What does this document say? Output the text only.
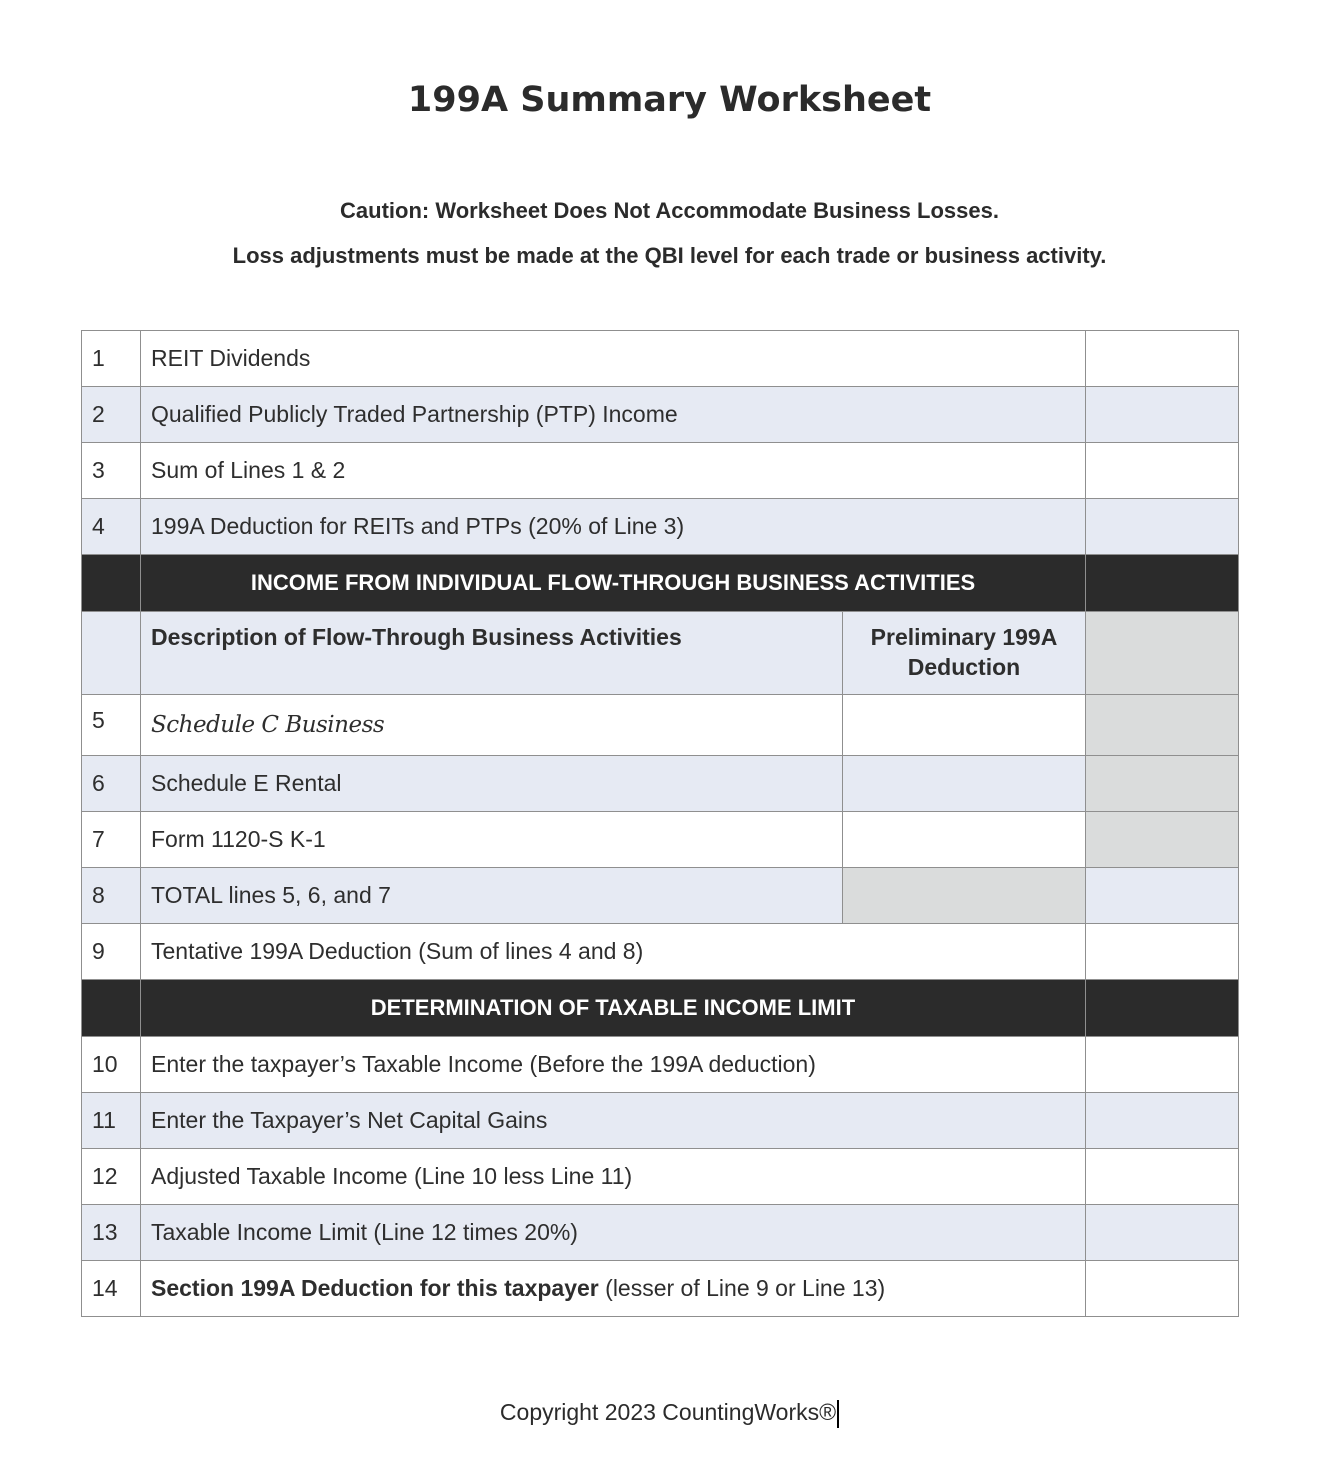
199A Summary Worksheet
Caution: Worksheet Does Not Accommodate Business Losses.
Loss adjustments must be made at the QBI level for each trade or business activity.
1	REIT Dividends		
2	Qualified Publicly Traded Partnership (PTP) Income		
3	Sum of Lines 1 & 2		
4	199A Deduction for REITs and PTPs (20% of Line 3)		
	INCOME FROM INDIVIDUAL FLOW-THROUGH BUSINESS ACTIVITIES		
	Description of Flow-Through Business Activities	Preliminary 199A Deduction	
5	Schedule C Business		
6	Schedule E Rental		
7	Form 1120-S K-1		
8	TOTAL lines 5, 6, and 7		
9	Tentative 199A Deduction (Sum of lines 4 and 8)		
	DETERMINATION OF TAXABLE INCOME LIMIT		
10	Enter the taxpayer’s Taxable Income (Before the 199A deduction)		
11	Enter the Taxpayer’s Net Capital Gains		
12	Adjusted Taxable Income (Line 10 less Line 11)		
13	Taxable Income Limit (Line 12 times 20%)		
14	Section 199A Deduction for this taxpayer (lesser of Line 9 or Line 13)		
Copyright 2023 CountingWorks®
